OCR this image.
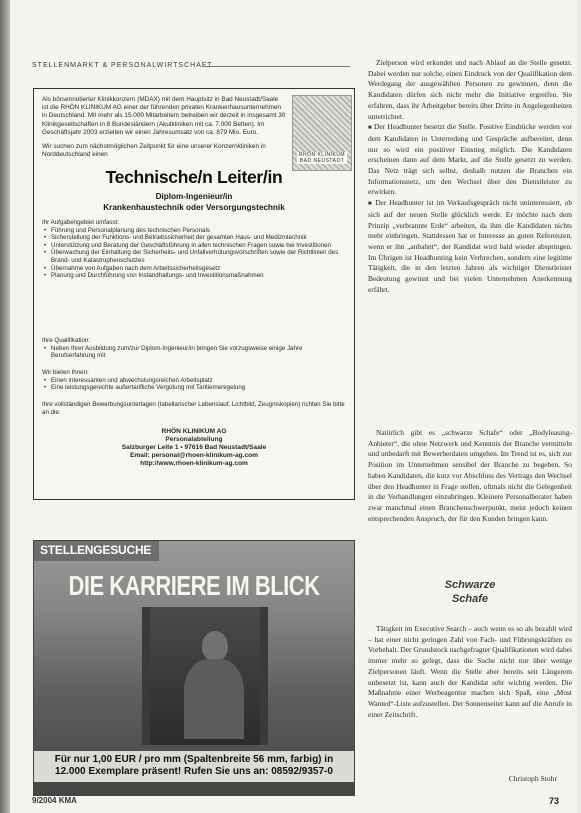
STELLENMARKT & PERSONALWIRTSCHAFT

Als börsennotierter Klinikkonzern (MDAX) mit dem Hauptsitz in Bad Neustadt/Saale ist die RHÖN KLINIKUM AG einer der führenden privaten Krankenhausunternehmen in Deutschland. Mit mehr als 15.000 Mitarbeitern betreiben wir derzeit in insgesamt 30 Klinikgesellschaften in 8 Bundesländern (Akutkliniken mit ca. 7.000 Betten). Im Geschäftsjahr 2003 erzielten wir einen Jahresumsatz von ca. 879 Mio. Euro.

Wir suchen zum nächstmöglichen Zeitpunkt für eine unserer Konzernkliniken in Norddeutschland einen	RHÖN KLINIKUM BAD NEUSTADT
Technische/n Leiter/in
Diplom-Ingenieur/in
Krankenhaustechnik oder Versorgungstechnik
Ihr Aufgabengebiet umfasst:
• Führung und Personalplanung des technischen Personals
• Sicherstellung der Funktions- und Betriebssicherheit der gesamten Haus- und Medizintechnik
• Unterstützung und Beratung der Geschäftsführung in allen technischen Fragen sowie bei Investitionen
• Überwachung der Einhaltung der Sicherheits- und Unfallverhütungsvorschriften sowie der Richtlinien des Brand- und Katastrophenschutzes
• Übernahme von Aufgaben nach dem Arbeitssicherheitsgesetz
• Planung und Durchführung von Instandhaltungs- und Investitionsmaßnahmen
Ihre Qualifikation:
• Neben Ihrer Ausbildung zum/zur Diplom-Ingenieur/in bringen Sie vorzugsweise einige Jahre Berufserfahrung mit
Wir bieten Ihnen:
• Einen interessanten und abwechslungsreichen Arbeitsplatz
• Eine leistungsgerechte außertarifliche Vergütung mit Tantiemeregelung
Ihre vollständigen Bewerbungsunterlagen (tabellarischer Lebenslauf, Lichtbild, Zeugniskopien) richten Sie bitte an die:
RHÖN KLINIKUM AG
Personalabteilung
Salzburger Leite 1 • 97616 Bad Neustadt/Saale
Email: personal@rhoen-klinikum-ag.com
http://www.rhoen-klinikum-ag.com
STELLENGESUCHE
DIE KARRIERE IM BLICK
Für nur 1,00 EUR / pro mm (Spaltenbreite 56 mm, farbig) in
12.000 Exemplare präsent! Rufen Sie uns an: 08592/9357-0

Zielperson wird erkundet und nach Ablauf an die Stelle gesetzt. Dabei werden nur solche, einen Eindruck von der Qualifikation dem Werdegang der ausgewählten Personen zu gewinnen, denn die Kandidaten dürfen sich nicht mehr die Initiative ergreifen. Sie erfahren, dass ihr Arbeitgeber bereits über Dritte in Angelegenheiten unterrichtet.

■ Der Headhunter besetzt die Stelle. Positive Eindrücke werden vor dem Kandidaten in Unterredung und Gespräche aufbereitet, denn nur so wird ein positiver Einstieg möglich. Die Kandidaten erscheinen dann auf dem Markt, auf die Stelle gesetzt zu werden. Das Netz trägt sich selbst, deshalb nutzen die Branchen ein Informationsnetz, um den Wechsel über den Dienstleister zu erwirken.

■ Der Headhunter ist im Verkaufsgespräch nicht uninteressiert, ob sich auf der neuen Stelle glücklich werde. Er möchte nach dem Prinzip „verbrannte Erde“ arbeiten, da ihm die Kandidaten nichts mehr einbringen. Stattdessen hat er Interesse an guten Referenzen, wenn er ihn „anbahnt“, der Kandidat wird bald wieder abspringen. Im Übrigen ist Headhunting kein Verbrechen, sondern eine legitime Tätigkeit, die in den letzten Jahren als wichtiger Dienstleister Bedeutung gewinnt und bei vielen Unternehmen Anerkennung erfährt.

Natürlich gibt es „schwarze Schafe“ oder „Bodyleasing-Anbieter“, die ohne Netzwerk und Kenntnis der Branche vermitteln und unbedarft mit Bewerberdaten umgehen. Im Trend ist es, sich zur Position im Unternehmen sensibel der Branche zu begeben. So haben Kandidaten, die kurz vor Abschluss des Vertrags den Wechsel über den Headhunter in Frage stellen, oftmals nicht die Gelegenheit in die Verhandlungen einzubringen. Kleinere Personalberater haben zwar manchmal einen Branchenschwerpunkt, meist jedoch keinen entsprechenden Anspruch, der für den Kunden bringen kann.

Schwarze
Schafe

Tätigkeit im Executive Search – auch wenn es so als bezahlt wird – hat einer nicht geringen Zahl von Fach- und Führungskräften zu Vorbehalt. Der Grundstock nachgefragter Qualifikationen wird dabei immer mehr so gelegt, dass die Suche nicht nur über wenige Zielpersonen läuft. Wenn die Stelle aber bereits seit Längerem unbesetzt ist, kann auch der Kandidat sehr wichtig werden. Die Maßnahme einer Werbeagentur machen sich Spaß, eine „Most Wanted“-Liste aufzustellen. Der Sonnenseiter kann auf die Anrufe in einer Zeitschrift.

Christoph Stohr
9/2004 KMA	73
